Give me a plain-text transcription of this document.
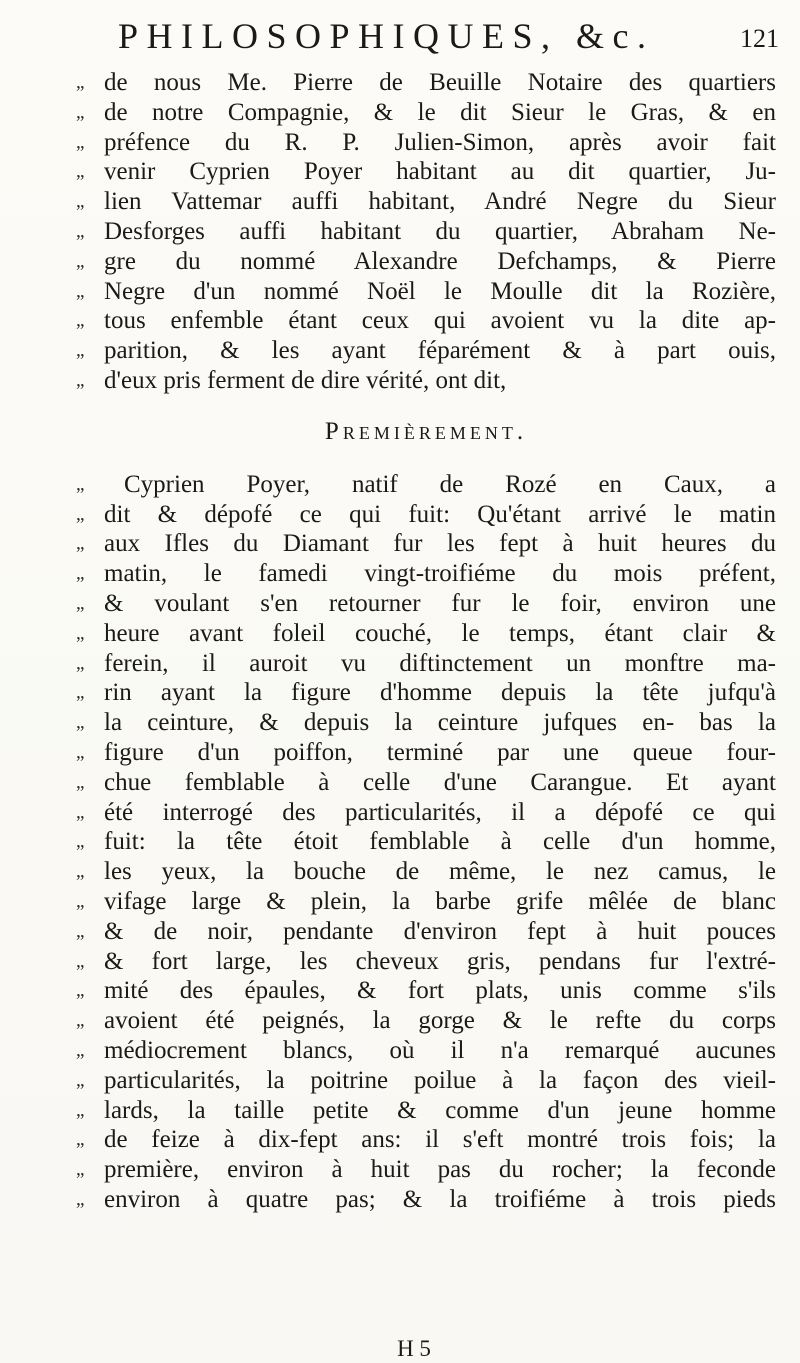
PHILOSOPHIQUES, &c.	121
„ de nous Me. Pierre de Beuille Notaire des quartiers
„ de notre Compagnie, & le dit Sieur le Gras, & en
„ préfence du R. P. Julien-Simon, après avoir fait
„ venir Cyprien Poyer habitant au dit quartier, Ju-
„ lien Vattemar auffi habitant, André Negre du Sieur
„ Desforges auffi habitant du quartier, Abraham Ne-
„ gre du nommé Alexandre Defchamps, & Pierre
„ Negre d'un nommé Noël le Moulle dit la Rozière,
„ tous enfemble étant ceux qui avoient vu la dite ap-
„ parition, & les ayant féparément & à part ouis,
„ d'eux pris ferment de dire vérité, ont dit,
Premièrement.
„	Cyprien Poyer, natif de Rozé en Caux, a
„ dit & dépofé ce qui fuit: Qu'étant arrivé le matin
„ aux Ifles du Diamant fur les fept à huit heures du
„ matin, le famedi vingt-troifiéme du mois préfent,
„ & voulant s'en retourner fur le foir, environ une
„ heure avant foleil couché, le temps, étant clair &
„ ferein, il auroit vu diftinctement un monftre ma-
„ rin ayant la figure d'homme depuis la tête jufqu'à
„ la ceinture, & depuis la ceinture jufques en- bas la
„ figure d'un poiffon, terminé par une queue four-
„ chue femblable à celle d'une Carangue. Et ayant
„ été interrogé des particularités, il a dépofé ce qui
„ fuit: la tête étoit femblable à celle d'un homme,
„ les yeux, la bouche de même, le nez camus, le
„ vifage large & plein, la barbe grife mêlée de blanc
„ & de noir, pendante d'environ fept à huit pouces
„ & fort large, les cheveux gris, pendans fur l'extré-
„ mité des épaules, & fort plats, unis comme s'ils
„ avoient été peignés, la gorge & le refte du corps
„ médiocrement blancs, où il n'a remarqué aucunes
„ particularités, la poitrine poilue à la façon des vieil-
„ lards, la taille petite & comme d'un jeune homme
„ de feize à dix-fept ans: il s'eft montré trois fois; la
„ première, environ à huit pas du rocher; la feconde
„ environ à quatre pas; & la troifiéme à trois pieds
H 5
